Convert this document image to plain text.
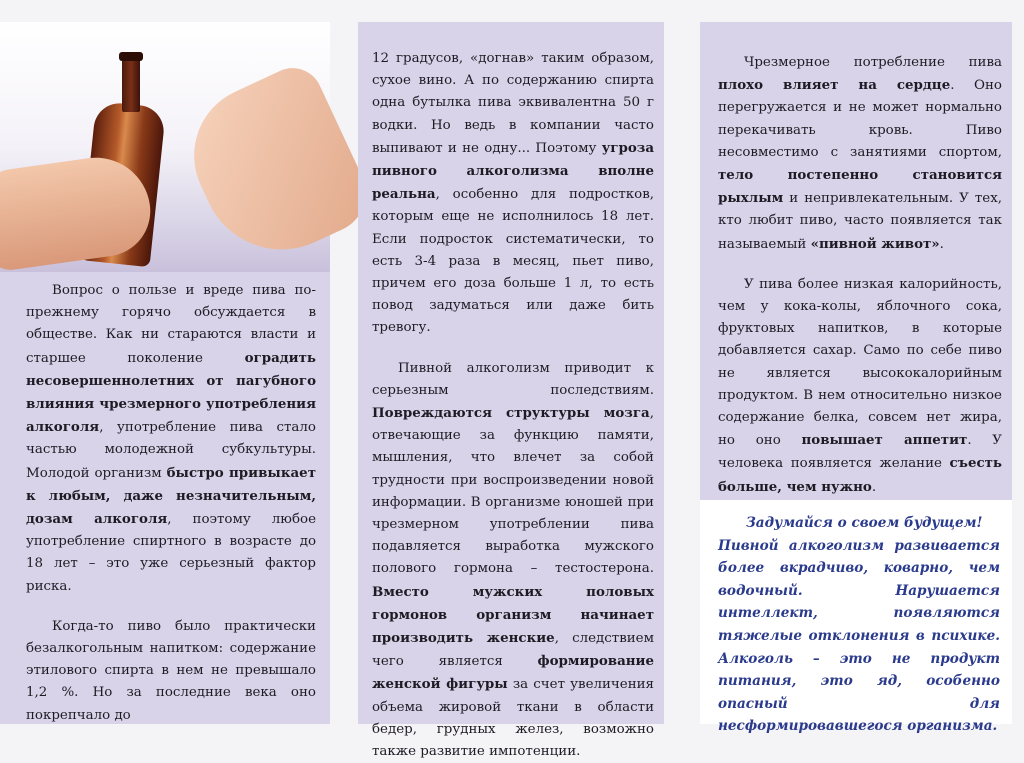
Вопрос о пользе и вреде пива по-прежнему горячо обсуждается в обществе. Как ни стараются власти и старшее поколение оградить несовершеннолетних от пагубного влияния чрезмерного употребления алкоголя, употребление пива стало частью молодежной субкультуры. Молодой организм быстро привыкает к любым, даже незначительным, дозам алкоголя, поэтому любое употребление спиртного в возрасте до 18 лет – это уже серьезный фактор риска.

Когда-то пиво было практически безалкогольным напитком: содержание этилового спирта в нем не превышало 1,2 %. Но за последние века оно покрепчало до

12 градусов, «догнав» таким образом, сухое вино. А по содержанию спирта одна бутылка пива эквивалентна 50 г водки. Но ведь в компании часто выпивают и не одну... Поэтому угроза пивного алкоголизма вполне реальна, особенно для подростков, которым еще не исполнилось 18 лет. Если подросток систематически, то есть 3-4 раза в месяц, пьет пиво, причем его доза больше 1 л, то есть повод задуматься или даже бить тревогу.

Пивной алкоголизм приводит к серьезным последствиям. Повреждаются структуры мозга, отвечающие за функцию памяти, мышления, что влечет за собой трудности при воспроизведении новой информации. В организме юношей при чрезмерном употреблении пива подавляется выработка мужского полового гормона – тестостерона. Вместо мужских половых гормонов организм начинает производить женские, следствием чего является формирование женской фигуры за счет увеличения объема жировой ткани в области бедер, грудных желез, возможно также развитие импотенции.

Чрезмерное потребление пива плохо влияет на сердце. Оно перегружается и не может нормально перекачивать кровь. Пиво несовместимо с занятиями спортом, тело постепенно становится рыхлым и непривлекательным. У тех, кто любит пиво, часто появляется так называемый «пивной живот».

У пива более низкая калорийность, чем у кока-колы, яблочного сока, фруктовых напитков, в которые добавляется сахар. Само по себе пиво не является высококалорийным продуктом. В нем относительно низкое содержание белка, совсем нет жира, но оно повышает аппетит. У человека появляется желание съесть больше, чем нужно.

Задумайся о своем будущем!
Пивной алкоголизм развивается более вкрадчиво, коварно, чем водочный. Нарушается интеллект, появляются тяжелые отклонения в психике. Алкоголь – это не продукт питания, это яд, особенно опасный для несформировавшегося организма.
